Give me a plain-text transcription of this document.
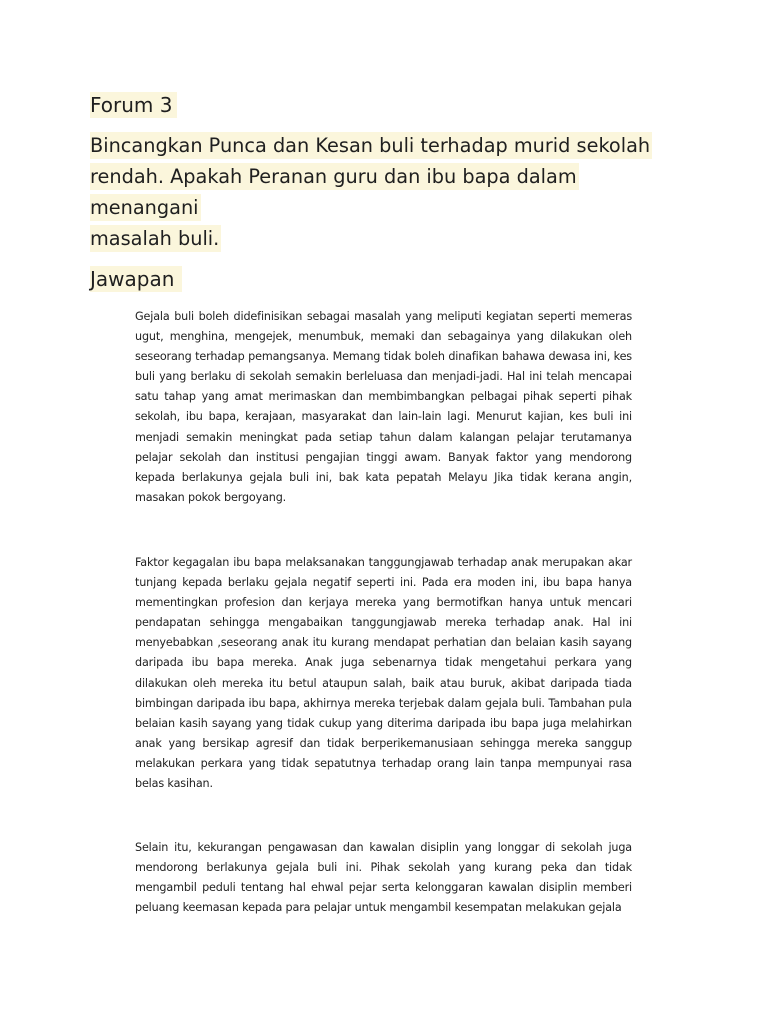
Forum 3
Bincangkan Punca dan Kesan buli terhadap murid sekolah
rendah. Apakah Peranan guru dan ibu bapa dalam menangani
masalah buli.
Jawapan

Gejala buli boleh didefinisikan sebagai masalah yang meliputi kegiatan seperti memeras ugut, menghina, mengejek, menumbuk, memaki dan sebagainya yang dilakukan oleh seseorang terhadap pemangsanya. Memang tidak boleh dinafikan bahawa dewasa ini, kes buli yang berlaku di sekolah semakin berleluasa dan menjadi-jadi. Hal ini telah mencapai satu tahap yang amat merimaskan dan membimbangkan pelbagai pihak seperti pihak sekolah, ibu bapa, kerajaan, masyarakat dan lain-lain lagi. Menurut kajian, kes buli ini menjadi semakin meningkat pada setiap tahun dalam kalangan pelajar terutamanya pelajar sekolah dan institusi pengajian tinggi awam. Banyak faktor yang mendorong kepada berlakunya gejala buli ini, bak kata pepatah Melayu Jika tidak kerana angin, masakan pokok bergoyang.

Faktor kegagalan ibu bapa melaksanakan tanggungjawab terhadap anak merupakan akar tunjang kepada berlaku gejala negatif seperti ini. Pada era moden ini, ibu bapa hanya mementingkan profesion dan kerjaya mereka yang bermotifkan hanya untuk mencari pendapatan sehingga mengabaikan tanggungjawab mereka terhadap anak. Hal ini menyebabkan ,seseorang anak itu kurang mendapat perhatian dan belaian kasih sayang daripada ibu bapa mereka. Anak juga sebenarnya tidak mengetahui perkara yang dilakukan oleh mereka itu betul ataupun salah, baik atau buruk, akibat daripada tiada bimbingan daripada ibu bapa, akhirnya mereka terjebak dalam gejala buli. Tambahan pula belaian kasih sayang yang tidak cukup yang diterima daripada ibu bapa juga melahirkan anak yang bersikap agresif dan tidak berperikemanusiaan sehingga mereka sanggup melakukan perkara yang tidak sepatutnya terhadap orang lain tanpa mempunyai rasa belas kasihan.

Selain itu, kekurangan pengawasan dan kawalan disiplin yang longgar di sekolah juga mendorong berlakunya gejala buli ini. Pihak sekolah yang kurang peka dan tidak mengambil peduli tentang hal ehwal pejar serta kelonggaran kawalan disiplin memberi peluang keemasan kepada para pelajar untuk mengambil kesempatan melakukan gejala
